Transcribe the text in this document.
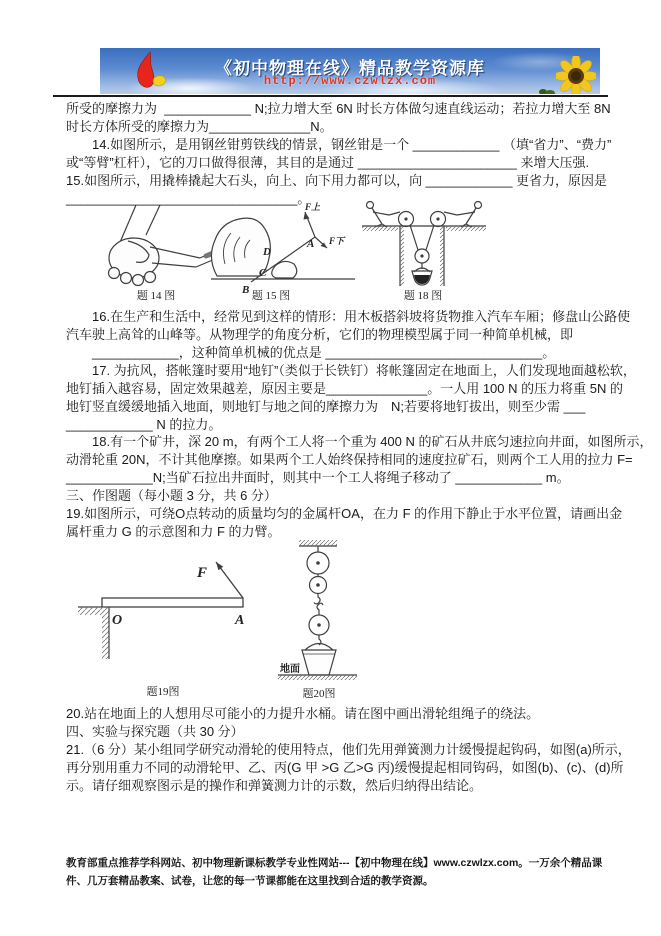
《初中物理在线》精品教学资源库
http://www.czwlzx.com
所受的摩擦力为  ____________ N;拉力增大至 6N 时长方体做匀速直线运动；若拉力增大至 8N
时长方体所受的摩擦力为______________N。
　　14.如图所示，是用钢丝钳剪铁线的情景，钢丝钳是一个 ____________ （填“省力”、“费力”
或“等臂”杠杆），它的刀口做得很薄，其目的是通过 ______________________ 来增大压强.
15.如图所示，用撬棒撬起大石头，向上、向下用力都可以，向 ____________ 更省力，原因是
________________________________。
题 14 图
F上
F下
A
D
C
B 题 15 图	题 18 图
　　16.在生产和生活中，经常见到这样的情形：用木板搭斜坡将货物推入汽车车厢；修盘山公路使
汽车驶上高耸的山峰等。从物理学的角度分析，它们的物理模型属于同一种简单机械，即
　　____________，这种简单机械的优点是 ______________________________。
　　17. 为抗风，搭帐篷时要用“地钉”（类似于长铁钉）将帐篷固定在地面上，人们发现地面越松软，
地钉插入越容易，固定效果越差，原因主要是______________。一人用 100 N 的压力将重 5N 的
地钉竖直缓缓地插入地面，则地钉与地之间的摩擦力为　N;若要将地钉拔出，则至少需 ___
____________ N 的拉力。
　　18.有一个矿井，深 20 m，有两个工人将一个重为 400 N 的矿石从井底匀速拉向井面，如图所示，
动滑轮重 20N，不计其他摩擦。如果两个工人始终保持相同的速度拉矿石，则两个工人用的拉力 F=
____________N;当矿石拉出井面时，则其中一个工人将绳子移动了 ____________ m。
三、作图题（每小题 3 分，共 6 分）
19.如图所示，可绕O点转动的质量均匀的金属杆OA，在力 F 的作用下静止于水平位置，请画出金
属杆重力 G 的示意图和力 F 的力臂。
F
O	A
题19图
地面
题20图
20.站在地面上的人想用尽可能小的力提升水桶。请在图中画出滑轮组绳子的绕法。
四、实验与探究题（共 30 分）
21.（6 分）某小组同学研究动滑轮的使用特点，他们先用弹簧测力计缓慢提起钩码，如图(a)所示，
再分别用重力不同的动滑轮甲、乙、丙(G 甲 >G 乙>G 丙)缓慢提起相同钩码，如图(b)、(c)、(d)所
示。请仔细观察图示是的操作和弹簧测力计的示数，然后归纳得出结论。
教育部重点推荐学科网站、初中物理新课标教学专业性网站---【初中物理在线】www.czwlzx.com。一万余个精品课
件、几万套精品教案、试卷，让您的每一节课都能在这里找到合适的教学资源。
